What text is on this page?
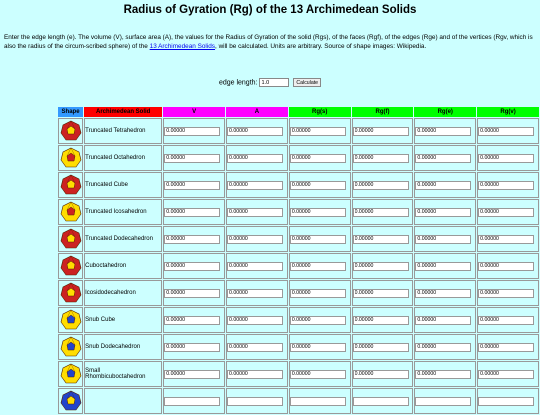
Radius of Gyration (Rg) of the 13 Archimedean Solids

Enter the edge length (e). The volume (V), surface area (A), the values for the Radius of Gyration of the solid (Rgs), of the faces (Rgf), of the edges (Rge) and of the vertices (Rgv, which is also the radius of the circum-scribed sphere) of the 13 Archimedean Solids, will be calculated. Units are arbitrary. Source of shape images: Wikipedia.

edge length: 1.0	Calculate
Shape	Archimedean Solid	V	A	Rg(s)	Rg(f)	Rg(e)	Rg(v)

	Truncated Tetrahedron	0.00000	0.00000	0.00000	0.00000	0.00000	0.00000

	Truncated Octahedron	0.00000	0.00000	0.00000	0.00000	0.00000	0.00000

	Truncated Cube	0.00000	0.00000	0.00000	0.00000	0.00000	0.00000

	Truncated Icosahedron	0.00000	0.00000	0.00000	0.00000	0.00000	0.00000

	Truncated Dodecahedron	0.00000	0.00000	0.00000	0.00000	0.00000	0.00000

	Cuboctahedron	0.00000	0.00000	0.00000	0.00000	0.00000	0.00000

	Icosidodecahedron	0.00000	0.00000	0.00000	0.00000	0.00000	0.00000

	Snub Cube	0.00000	0.00000	0.00000	0.00000	0.00000	0.00000

	Snub Dodecahedron	0.00000	0.00000	0.00000	0.00000	0.00000	0.00000

	Small Rhombicuboctahedron	0.00000	0.00000	0.00000	0.00000	0.00000	0.00000
